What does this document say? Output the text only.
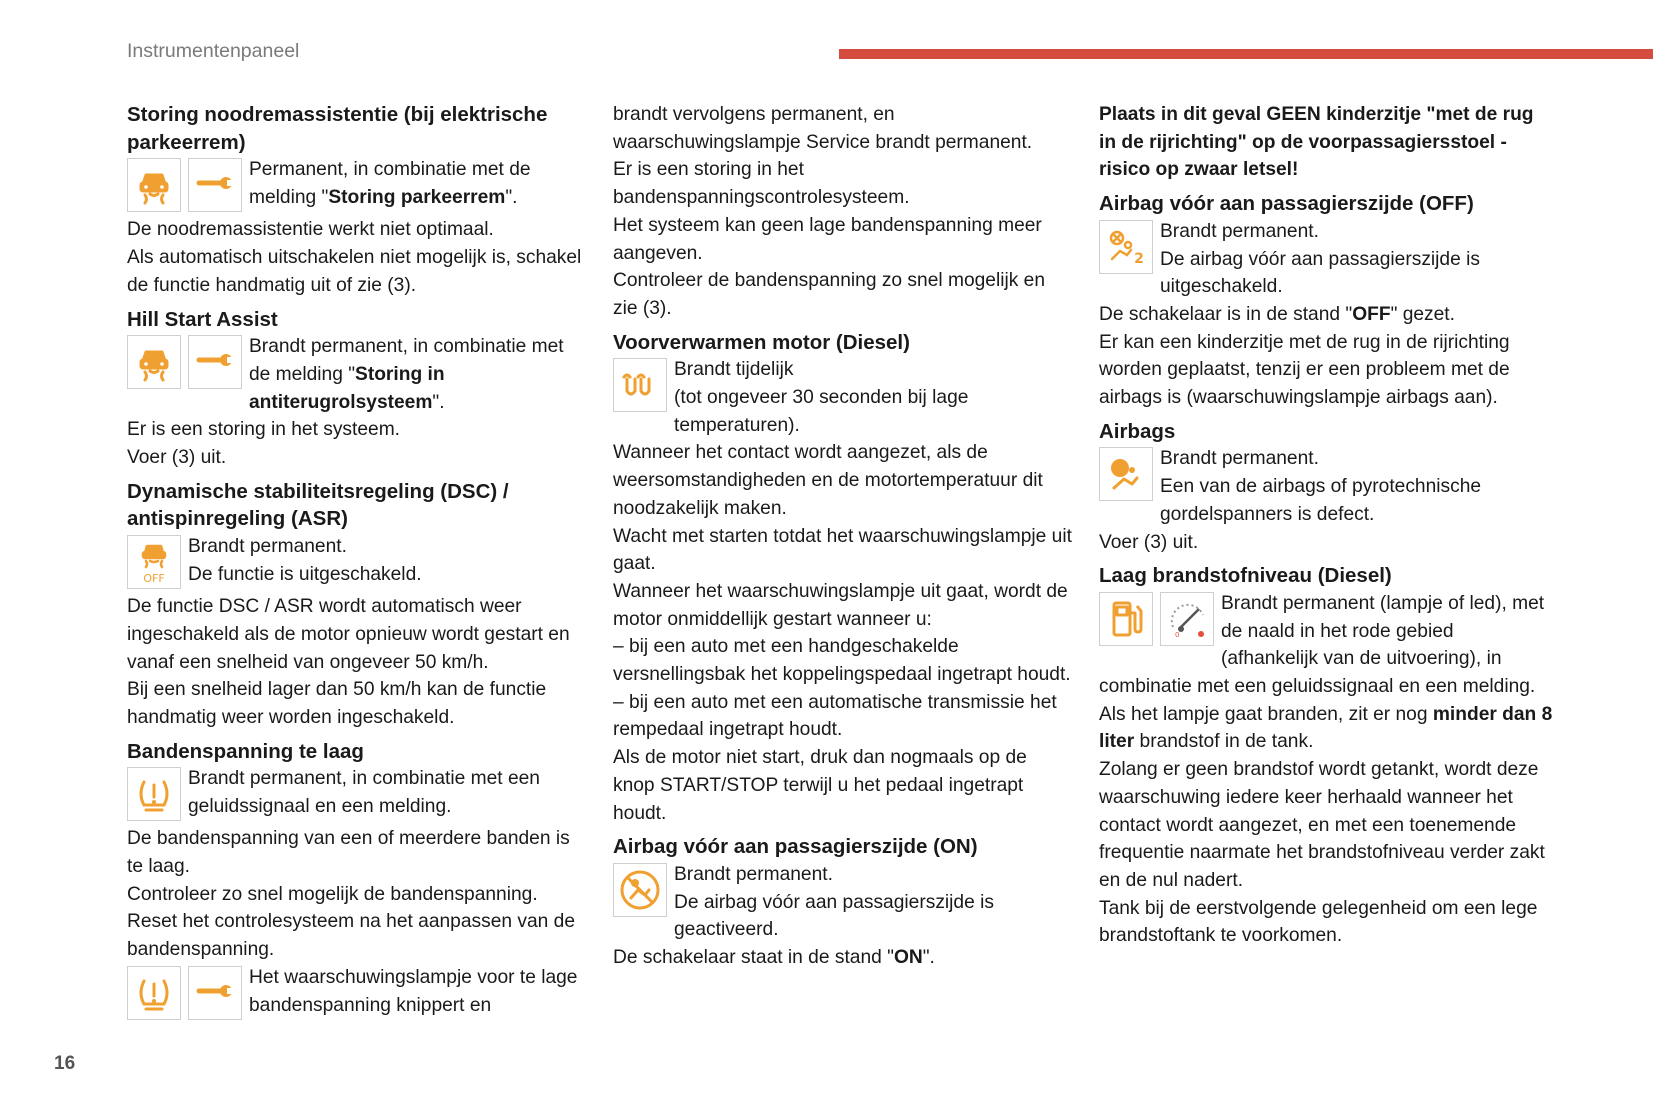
Instrumentenpaneel
Storing noodremassistentie (bij elektrische parkeerrem)
Permanent, in combinatie met de melding "Storing parkeerrem".

De noodremassistentie werkt niet optimaal.

Als automatisch uitschakelen niet mogelijk is, schakel de functie handmatig uit of zie (3).

Hill Start Assist
Brandt permanent, in combinatie met de melding "Storing in antiterugrolsysteem".

Er is een storing in het systeem.

Voer (3) uit.

Dynamische stabiliteitsregeling (DSC) / antispinregeling (ASR)
OFF
Brandt permanent.
De functie is uitgeschakeld.

De functie DSC / ASR wordt automatisch weer ingeschakeld als de motor opnieuw wordt gestart en vanaf een snelheid van ongeveer 50 km/h.

Bij een snelheid lager dan 50 km/h kan de functie handmatig weer worden ingeschakeld.

Bandenspanning te laag
Brandt permanent, in combinatie met een geluidssignaal en een melding.

De bandenspanning van een of meerdere banden is te laag.

Controleer zo snel mogelijk de bandenspanning.

Reset het controlesysteem na het aanpassen van de bandenspanning.

Het waarschuwingslampje voor te lage bandenspanning knippert en

brandt vervolgens permanent, en waarschuwingslampje Service brandt permanent.

Er is een storing in het bandenspanningscontrolesysteem.

Het systeem kan geen lage bandenspanning meer aangeven.

Controleer de bandenspanning zo snel mogelijk en zie (3).

Voorverwarmen motor (Diesel)
Brandt tijdelijk
(tot ongeveer 30 seconden bij lage temperaturen).

Wanneer het contact wordt aangezet, als de weersomstandigheden en de motortemperatuur dit noodzakelijk maken.

Wacht met starten totdat het waarschuwingslampje uit gaat.

Wanneer het waarschuwingslampje uit gaat, wordt de motor onmiddellijk gestart wanneer u:

– bij een auto met een handgeschakelde versnellingsbak het koppelingspedaal ingetrapt houdt.

– bij een auto met een automatische transmissie het rempedaal ingetrapt houdt.

Als de motor niet start, druk dan nogmaals op de knop START/STOP terwijl u het pedaal ingetrapt houdt.

Airbag vóór aan passagierszijde (ON)
Brandt permanent.
De airbag vóór aan passagierszijde is geactiveerd.

De schakelaar staat in de stand "ON".

Plaats in dit geval GEEN kinderzitje "met de rug in de rijrichting" op de voorpassagiersstoel - risico op zwaar letsel!

Airbag vóór aan passagierszijde (OFF)
2
Brandt permanent.
De airbag vóór aan passagierszijde is uitgeschakeld.

De schakelaar is in de stand "OFF" gezet.

Er kan een kinderzitje met de rug in de rijrichting worden geplaatst, tenzij er een probleem met de airbags is (waarschuwingslampje airbags aan).

Airbags
Brandt permanent.
Een van de airbags of pyrotechnische gordelspanners is defect.

Voer (3) uit.

Laag brandstofniveau (Diesel)
0
Brandt permanent (lampje of led), met de naald in het rode gebied (afhankelijk van de uitvoering), in combinatie met een geluidssignaal en een melding.

Als het lampje gaat branden, zit er nog minder dan 8 liter brandstof in de tank.

Zolang er geen brandstof wordt getankt, wordt deze waarschuwing iedere keer herhaald wanneer het contact wordt aangezet, en met een toenemende frequentie naarmate het brandstofniveau verder zakt en de nul nadert.

Tank bij de eerstvolgende gelegenheid om een lege brandstoftank te voorkomen.

16
